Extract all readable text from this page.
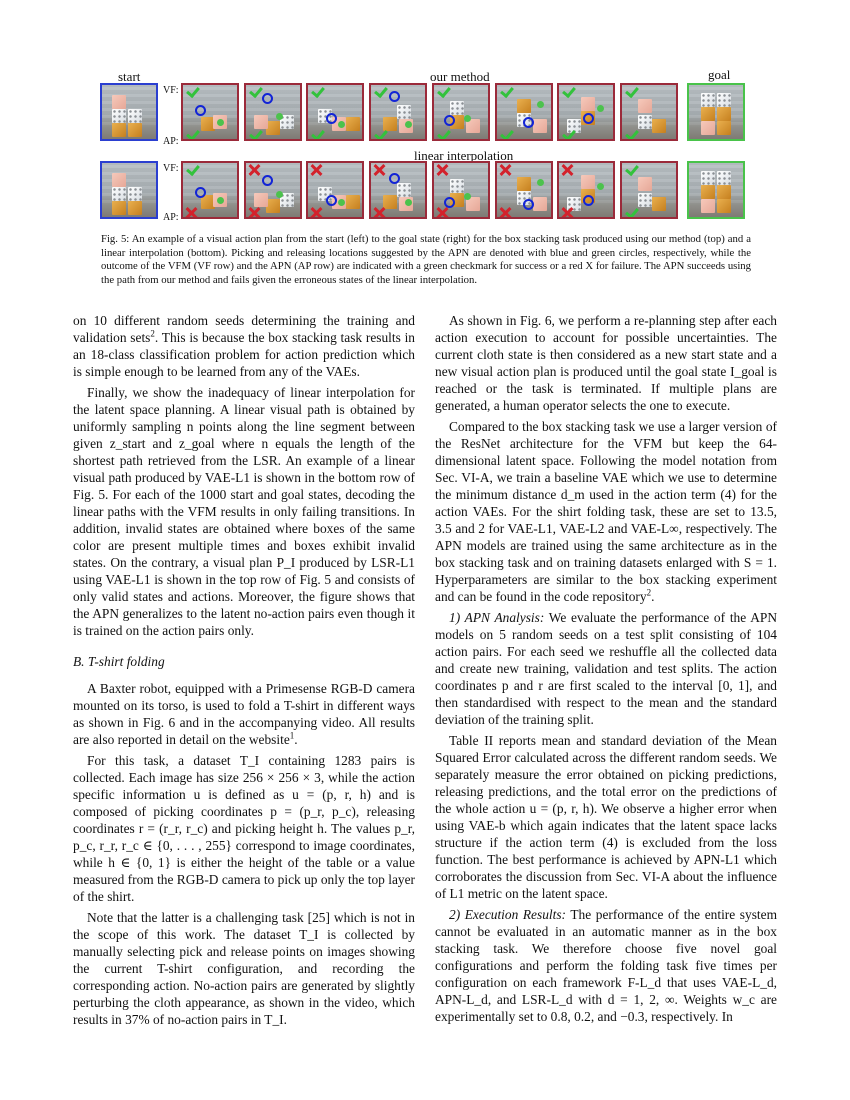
start	our method	goal
linear interpolation
VF:
AP:
VF:
AP:
Fig. 5: An example of a visual action plan from the start (left) to the goal state (right) for the box stacking task produced using our method (top) and a linear interpolation (bottom). Picking and releasing locations suggested by the APN are denoted with blue and green circles, respectively, while the outcome of the VFM (VF row) and the APN (AP row) are indicated with a green checkmark for success or a red X for failure. The APN succeeds using the path from our method and fails given the erroneous states of the linear interpolation.

on 10 different random seeds determining the training and validation sets$^2$. This is because the box stacking task results in an 18-class classification problem for action prediction which is simple enough to be learned from any of the VAEs.

Finally, we show the inadequacy of linear interpolation for the latent space planning. A linear visual path is obtained by uniformly sampling n points along the line segment between given z_start and z_goal where n equals the length of the shortest path retrieved from the LSR. An example of a linear visual path produced by VAE-L1 is shown in the bottom row of Fig. 5. For each of the 1000 start and goal states, decoding the linear paths with the VFM results in only failing transitions. In addition, invalid states are obtained where boxes of the same color are present multiple times and boxes exhibit invalid states. On the contrary, a visual plan P_I produced by LSR-L1 using VAE-L1 is shown in the top row of Fig. 5 and consists of only valid states and actions. Moreover, the figure shows that the APN generalizes to the latent no-action pairs even though it is trained on the action pairs only.

B. T-shirt folding

A Baxter robot, equipped with a Primesense RGB-D camera mounted on its torso, is used to fold a T-shirt in different ways as shown in Fig. 6 and in the accompanying video. All results are also reported in detail on the website$^1$.

For this task, a dataset T_I containing 1283 pairs is collected. Each image has size 256 × 256 × 3, while the action specific information u is defined as u = (p, r, h) and is composed of picking coordinates p = (p_r, p_c), releasing coordinates r = (r_r, r_c) and picking height h. The values p_r, p_c, r_r, r_c ∈ {0, . . . , 255} correspond to image coordinates, while h ∈ {0, 1} is either the height of the table or a value measured from the RGB-D camera to pick up only the top layer of the shirt.

Note that the latter is a challenging task [25] which is not in the scope of this work. The dataset T_I is collected by manually selecting pick and release points on images showing the current T-shirt configuration, and recording the corresponding action. No-action pairs are generated by slightly perturbing the cloth appearance, as shown in the video, which results in 37% of no-action pairs in T_I.

As shown in Fig. 6, we perform a re-planning step after each action execution to account for possible uncertainties. The current cloth state is then considered as a new start state and a new visual action plan is produced until the goal state I_goal is reached or the task is terminated. If multiple plans are generated, a human operator selects the one to execute.

Compared to the box stacking task we use a larger version of the ResNet architecture for the VFM but keep the 64-dimensional latent space. Following the model notation from Sec. VI-A, we train a baseline VAE which we use to determine the minimum distance d_m used in the action term (4) for the action VAEs. For the shirt folding task, these are set to 13.5, 3.5 and 2 for VAE-L1, VAE-L2 and VAE-L∞, respectively. The APN models are trained using the same architecture as in the box stacking task and on training datasets enlarged with S = 1. Hyperparameters are similar to the box stacking experiment and can be found in the code repository$^2$.

1) APN Analysis: We evaluate the performance of the APN models on 5 random seeds on a test split consisting of 104 action pairs. For each seed we reshuffle all the collected data and create new training, validation and test splits. The action coordinates p and r are first scaled to the interval [0, 1], and then standardised with respect to the mean and the standard deviation of the training split.

Table II reports mean and standard deviation of the Mean Squared Error calculated across the different random seeds. We separately measure the error obtained on picking predictions, releasing predictions, and the total error on the predictions of the whole action u = (p, r, h). We observe a higher error when using VAE-b which again indicates that the latent space lacks structure if the action term (4) is excluded from the loss function. The best performance is achieved by APN-L1 which corroborates the discussion from Sec. VI-A about the influence of L1 metric on the latent space.

2) Execution Results: The performance of the entire system cannot be evaluated in an automatic manner as in the box stacking task. We therefore choose five novel goal configurations and perform the folding task five times per configuration on each framework F-L_d that uses VAE-L_d, APN-L_d, and LSR-L_d with d = 1, 2, ∞. Weights w_c are experimentally set to 0.8, 0.2, and −0.3, respectively. In
